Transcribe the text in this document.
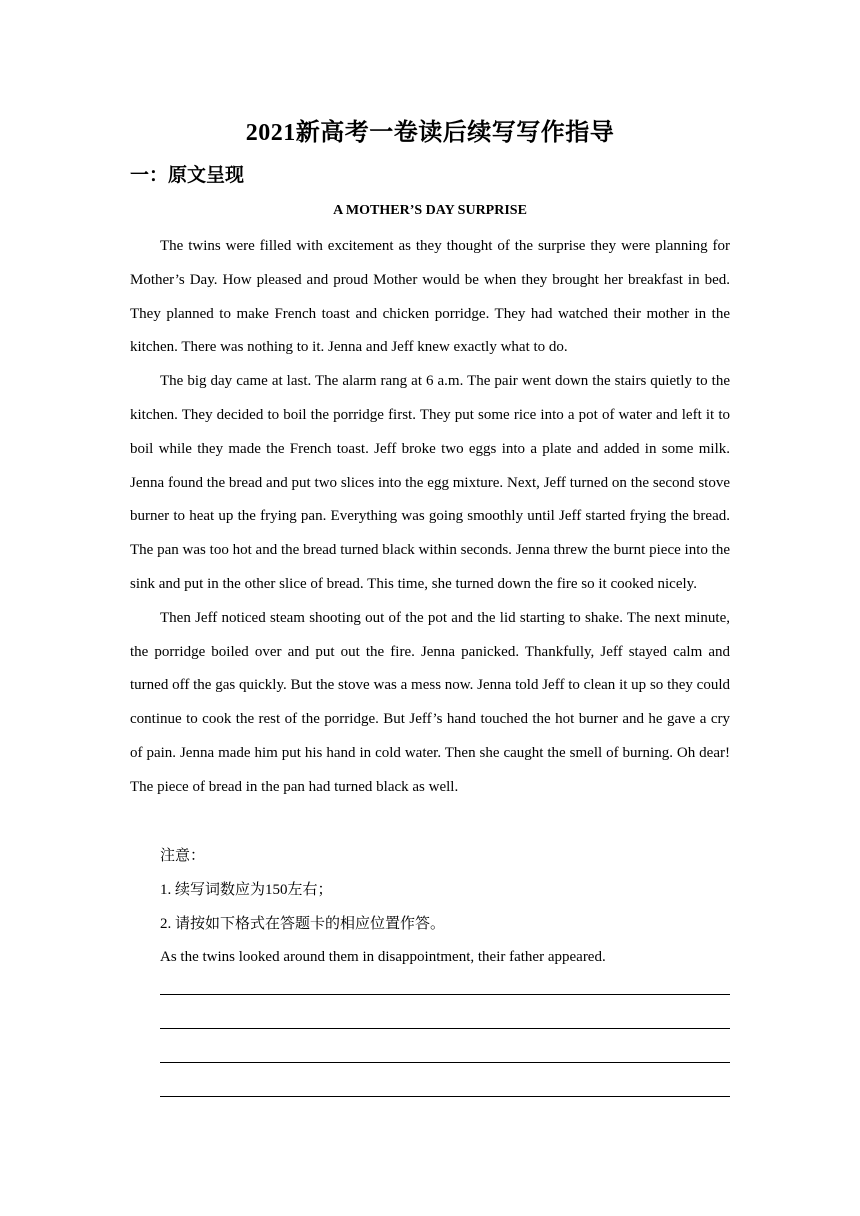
2021新高考一卷读后续写写作指导
一：原文呈现
A MOTHER’S DAY SURPRISE

The twins were filled with excitement as they thought of the surprise they were planning for Mother’s Day. How pleased and proud Mother would be when they brought her breakfast in bed. They planned to make French toast and chicken porridge. They had watched their mother in the kitchen. There was nothing to it. Jenna and Jeff knew exactly what to do.

The big day came at last. The alarm rang at 6 a.m. The pair went down the stairs quietly to the kitchen. They decided to boil the porridge first. They put some rice into a pot of water and left it to boil while they made the French toast. Jeff broke two eggs into a plate and added in some milk. Jenna found the bread and put two slices into the egg mixture. Next, Jeff turned on the second stove burner to heat up the frying pan. Everything was going smoothly until Jeff started frying the bread. The pan was too hot and the bread turned black within seconds. Jenna threw the burnt piece into the sink and put in the other slice of bread. This time, she turned down the fire so it cooked nicely.

Then Jeff noticed steam shooting out of the pot and the lid starting to shake. The next minute, the porridge boiled over and put out the fire. Jenna panicked. Thankfully, Jeff stayed calm and turned off the gas quickly. But the stove was a mess now. Jenna told Jeff to clean it up so they could continue to cook the rest of the porridge. But Jeff’s hand touched the hot burner and he gave a cry of pain. Jenna made him put his hand in cold water. Then she caught the smell of burning. Oh dear! The piece of bread in the pan had turned black as well.

注意：

1. 续写词数应为150左右；

2. 请按如下格式在答题卡的相应位置作答。

As the twins looked around them in disappointment, their father appeared.
